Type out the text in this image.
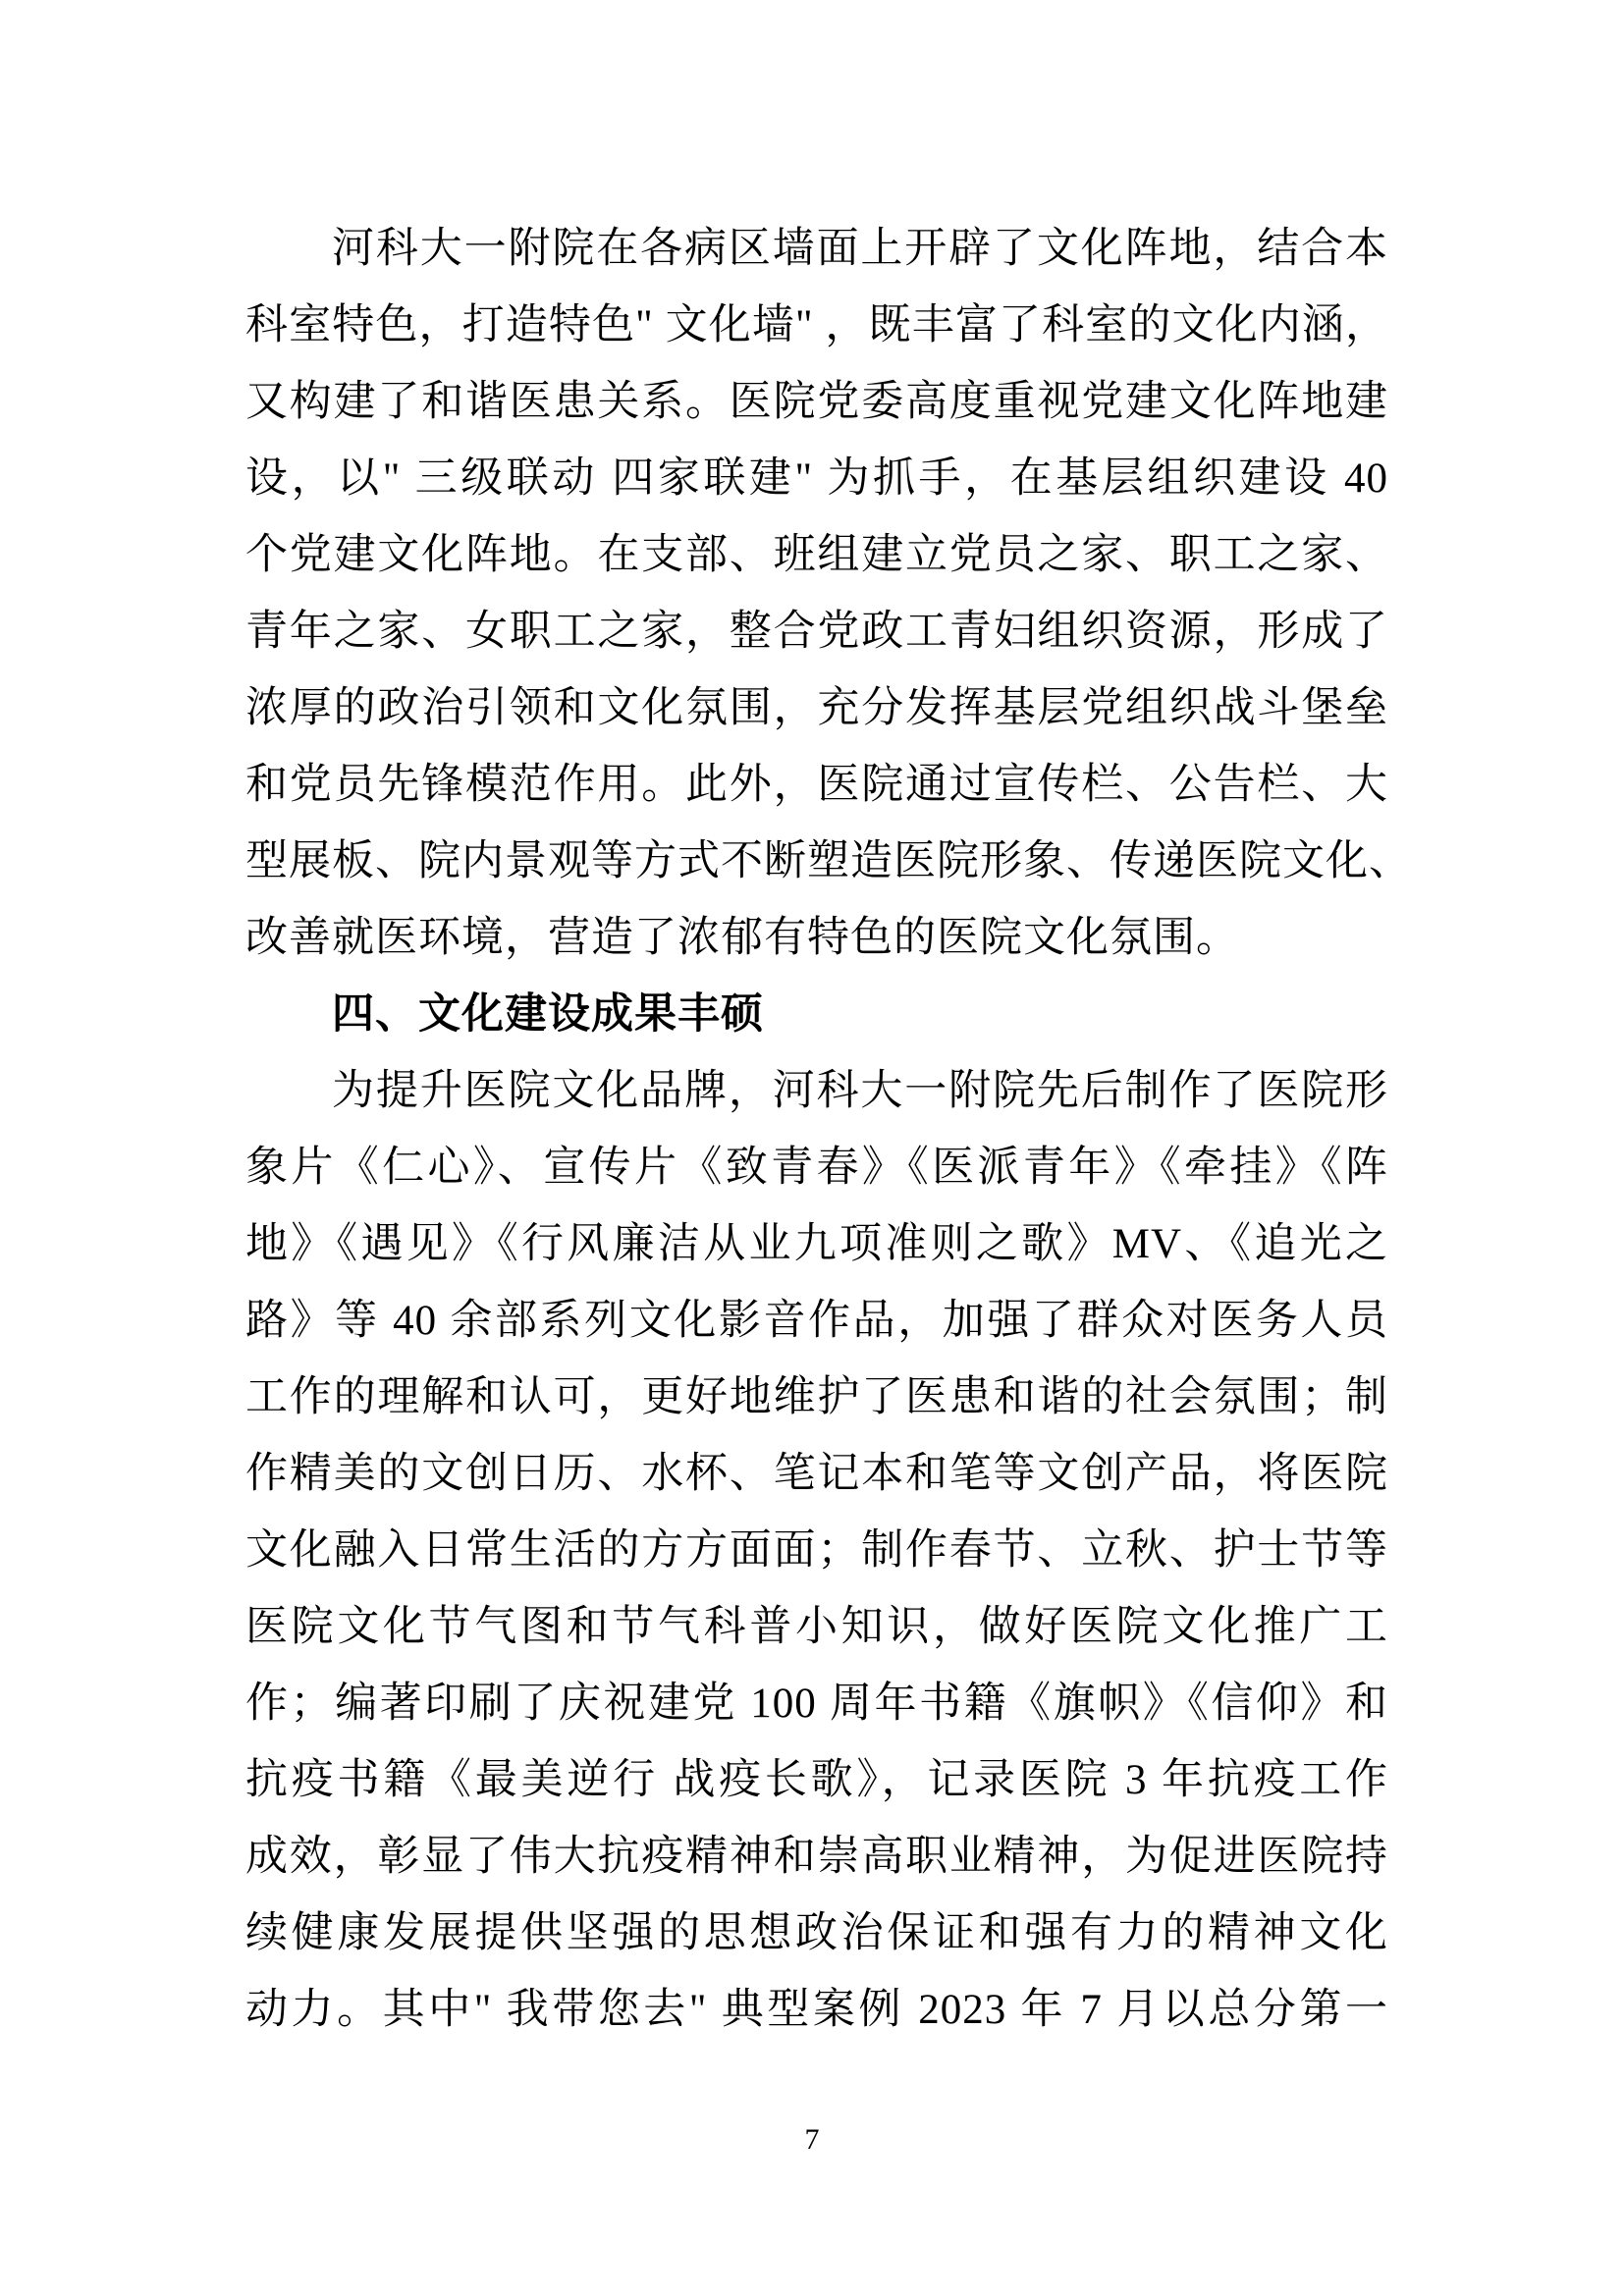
河科大一附院在各病区墙面上开辟了文化阵地，结合本
科室特色，打造特色" 文化墙" ，既丰富了科室的文化内涵，
又构建了和谐医患关系。医院党委高度重视党建文化阵地建
设，以" 三级联动 四家联建" 为抓手，在基层组织建设 40
个党建文化阵地。在支部、班组建立党员之家、职工之家、
青年之家、女职工之家，整合党政工青妇组织资源，形成了
浓厚的政治引领和文化氛围，充分发挥基层党组织战斗堡垒
和党员先锋模范作用。此外，医院通过宣传栏、公告栏、大
型展板、院内景观等方式不断塑造医院形象、传递医院文化、
改善就医环境，营造了浓郁有特色的医院文化氛围。
四、文化建设成果丰硕
为提升医院文化品牌，河科大一附院先后制作了医院形
象片《仁心》、宣传片《致青春》《医派青年》《牵挂》《阵
地》《遇见》《行风廉洁从业九项准则之歌》MV、《追光之
路》等 40 余部系列文化影音作品，加强了群众对医务人员
工作的理解和认可，更好地维护了医患和谐的社会氛围；制
作精美的文创日历、水杯、笔记本和笔等文创产品，将医院
文化融入日常生活的方方面面；制作春节、立秋、护士节等
医院文化节气图和节气科普小知识，做好医院文化推广工
作；编著印刷了庆祝建党 100 周年书籍《旗帜》《信仰》和
抗疫书籍《最美逆行 战疫长歌》，记录医院 3 年抗疫工作
成效，彰显了伟大抗疫精神和崇高职业精神，为促进医院持
续健康发展提供坚强的思想政治保证和强有力的精神文化
动力。其中" 我带您去" 典型案例 2023 年 7 月以总分第一
7
